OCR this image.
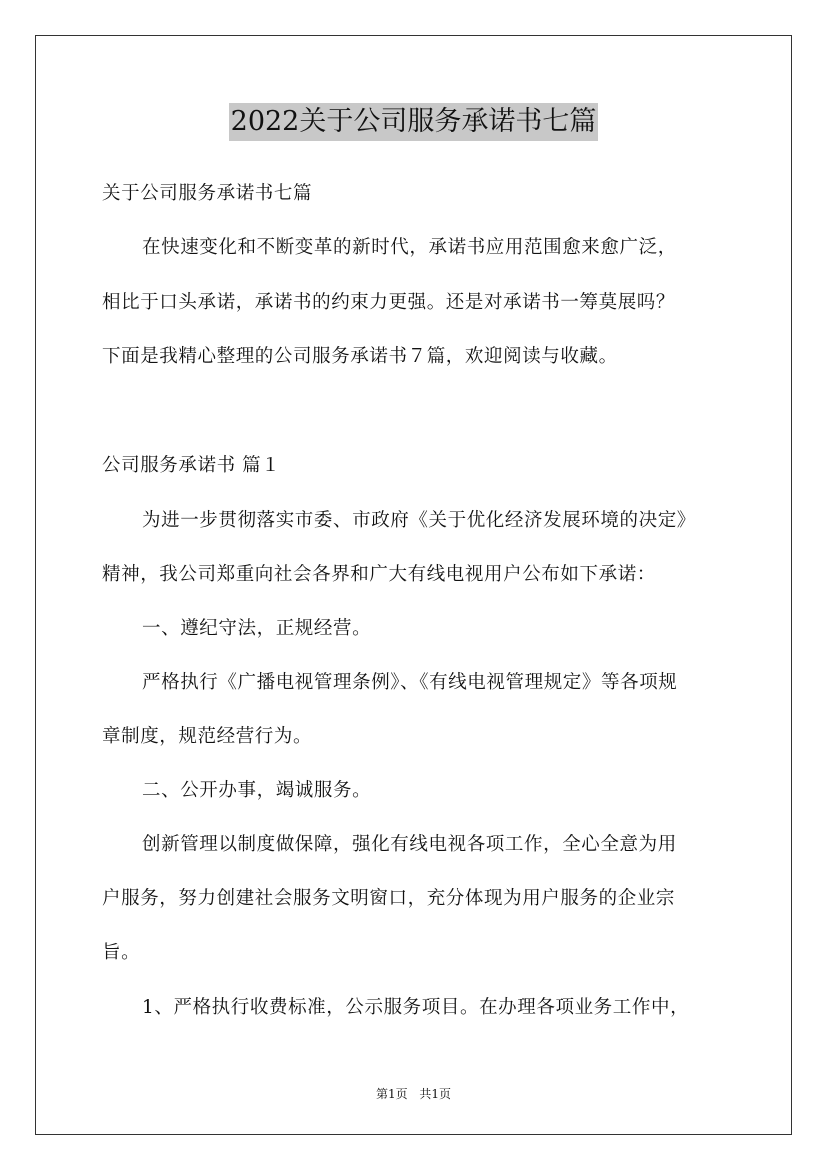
2022关于公司服务承诺书七篇
关于公司服务承诺书七篇
在快速变化和不断变革的新时代，承诺书应用范围愈来愈广泛，
相比于口头承诺，承诺书的约束力更强。还是对承诺书一筹莫展吗？
下面是我精心整理的公司服务承诺书７篇，欢迎阅读与收藏。
公司服务承诺书 篇１
为进一步贯彻落实市委、市政府《关于优化经济发展环境的决定》
精神，我公司郑重向社会各界和广大有线电视用户公布如下承诺：
一、遵纪守法，正规经营。
严格执行《广播电视管理条例》、《有线电视管理规定》等各项规
章制度，规范经营行为。
二、公开办事，竭诚服务。
创新管理以制度做保障，强化有线电视各项工作，全心全意为用
户服务，努力创建社会服务文明窗口，充分体现为用户服务的企业宗
旨。
1、严格执行收费标准，公示服务项目。在办理各项业务工作中，
第1页 共1页
